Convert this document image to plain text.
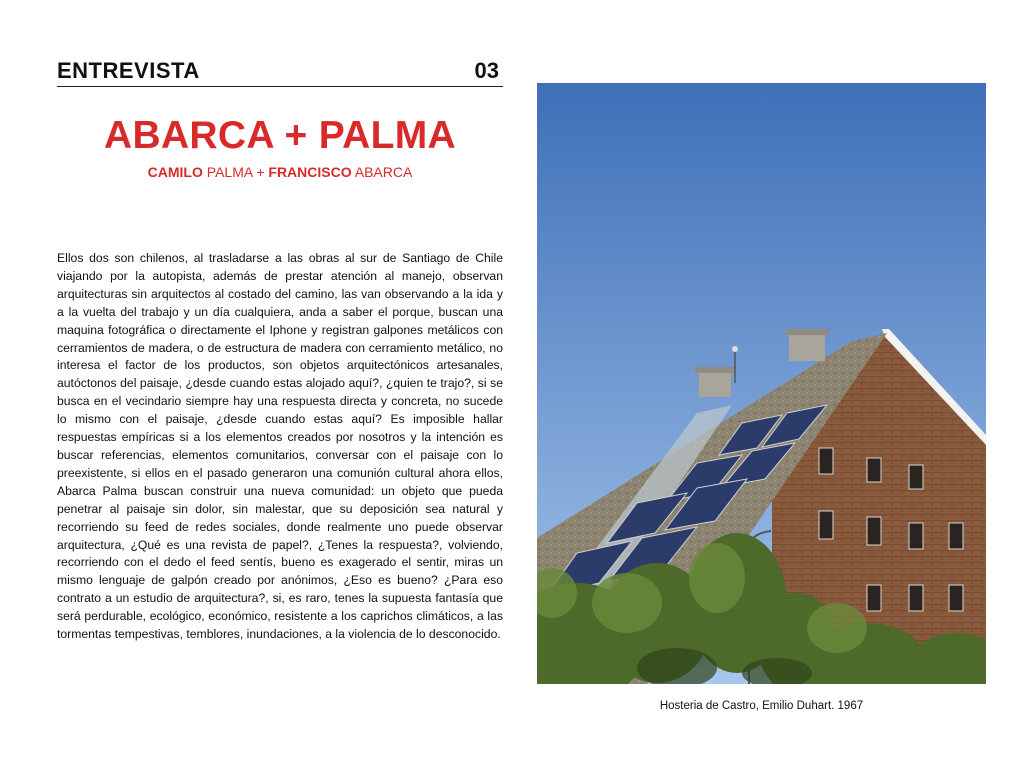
ENTREVISTA	03
ABARCA + PALMA
CAMILO PALMA + FRANCISCO ABARCA
Ellos dos son chilenos, al trasladarse a las obras al sur de Santiago de Chile viajando por la autopista, además de prestar atención al manejo, observan arquitecturas sin arquitectos al costado del camino, las van observando a la ida y a la vuelta del trabajo y un día cualquiera, anda a saber el porque, buscan una maquina fotográfica o directamente el Iphone y registran galpones metálicos con cerramientos de madera, o de estructura de madera con cerramiento metálico, no interesa el factor de los productos, son objetos arquitectónicos artesanales, autóctonos del paisaje, ¿desde cuando estas alojado aquí?, ¿quien te trajo?, si se busca en el vecindario siempre hay una respuesta directa y concreta, no sucede lo mismo con el paisaje, ¿desde cuando estas aquí? Es imposible hallar respuestas empíricas si a los elementos creados por nosotros y la intención es buscar referencias, elementos comunitarios, conversar con el paisaje con lo preexistente, si ellos en el pasado generaron una comunión cultural ahora ellos, Abarca Palma buscan construir una nueva comunidad: un objeto que pueda penetrar al paisaje sin dolor, sin malestar, que su deposición sea natural y recorriendo su feed de redes sociales, donde realmente uno puede observar arquitectura, ¿Qué es una revista de papel?, ¿Tenes la respuesta?, volviendo, recorriendo con el dedo el feed sentís, bueno es exagerado el sentir, miras un mismo lenguaje de galpón creado por anónimos, ¿Eso es bueno? ¿Para eso contrato a un estudio de arquitectura?, si, es raro, tenes la supuesta fantasía que será perdurable, ecológico, económico, resistente a los caprichos climáticos, a las tormentas tempestivas, temblores, inundaciones, a la violencia de lo desconocido.
Hosteria de Castro, Emilio Duhart. 1967
